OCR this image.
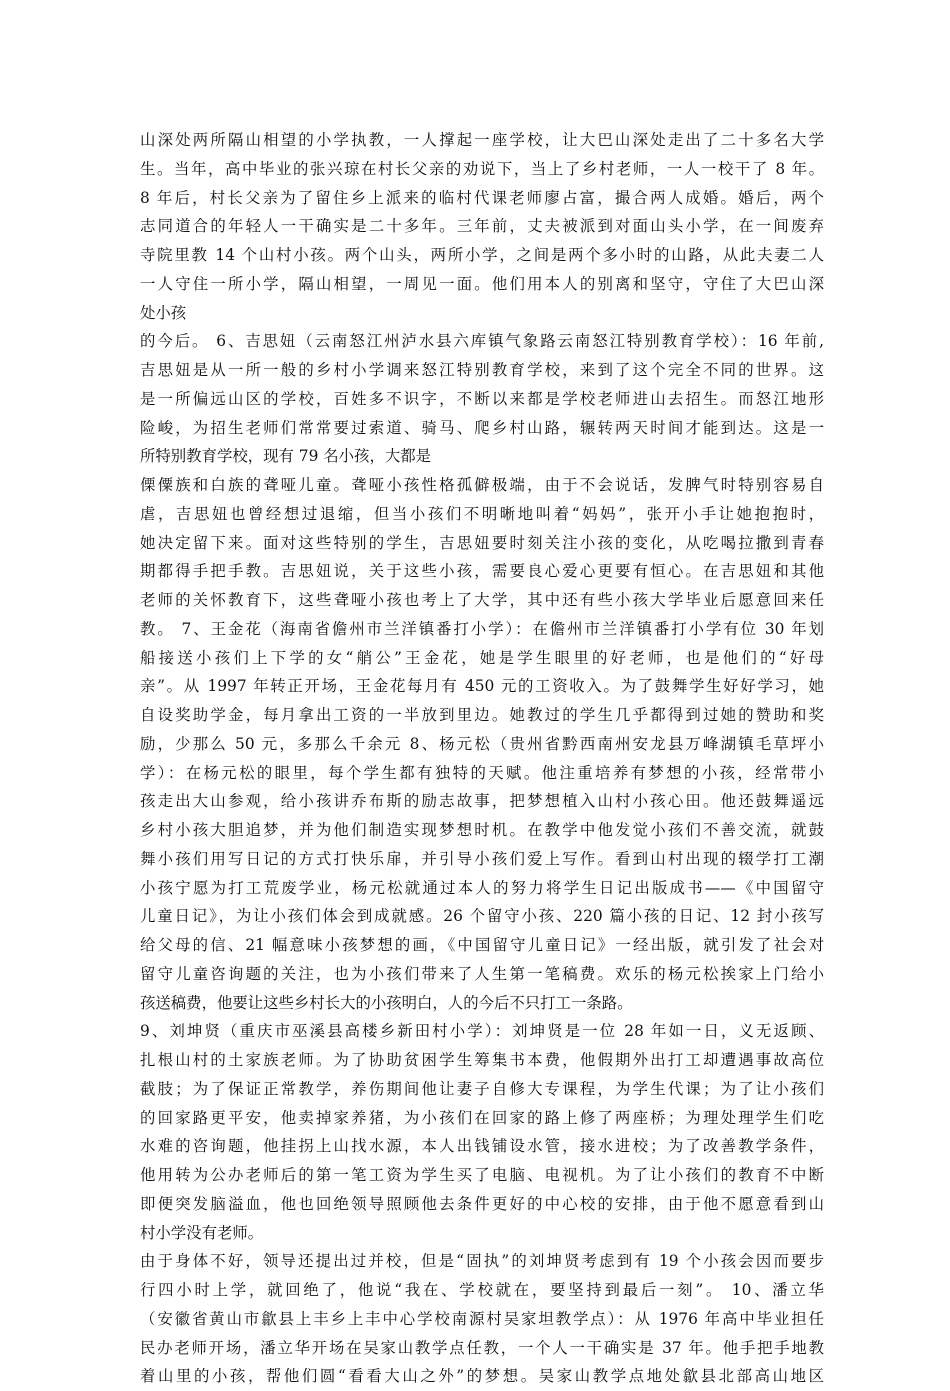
山深处两所隔山相望的小学执教，一人撑起一座学校，让大巴山深处走出了二十多名大学
生。当年，高中毕业的张兴琼在村长父亲的劝说下，当上了乡村老师，一人一校干了 8 年。
8 年后，村长父亲为了留住乡上派来的临村代课老师廖占富，撮合两人成婚。婚后，两个
志同道合的年轻人一干确实是二十多年。三年前，丈夫被派到对面山头小学，在一间废弃
寺院里教 14 个山村小孩。两个山头，两所小学，之间是两个多小时的山路，从此夫妻二人
一人守住一所小学，隔山相望，一周见一面。他们用本人的别离和坚守，守住了大巴山深
处小孩
的今后。 6、吉思妞（云南怒江州泸水县六库镇气象路云南怒江特别教育学校）：16 年前,
吉思妞是从一所一般的乡村小学调来怒江特别教育学校，来到了这个完全不同的世界。这
是一所偏远山区的学校，百姓多不识字，不断以来都是学校老师进山去招生。而怒江地形
险峻，为招生老师们常常要过索道、骑马、爬乡村山路，辗转两天时间才能到达。这是一
所特别教育学校，现有 79 名小孩，大都是
傈僳族和白族的聋哑儿童。聋哑小孩性格孤僻极端，由于不会说话，发脾气时特别容易自
虐，吉思妞也曾经想过退缩，但当小孩们不明晰地叫着“妈妈”，张开小手让她抱抱时，
她决定留下来。面对这些特别的学生，吉思妞要时刻关注小孩的变化，从吃喝拉撒到青春
期都得手把手教。吉思妞说，关于这些小孩，需要良心爱心更要有恒心。在吉思妞和其他
老师的关怀教育下，这些聋哑小孩也考上了大学，其中还有些小孩大学毕业后愿意回来任
教。 7、王金花（海南省儋州市兰洋镇番打小学）：在儋州市兰洋镇番打小学有位 30 年划
船接送小孩们上下学的女“艄公”王金花，她是学生眼里的好老师，也是他们的“好母
亲”。从 1997 年转正开场，王金花每月有 450 元的工资收入。为了鼓舞学生好好学习，她
自设奖助学金，每月拿出工资的一半放到里边。她教过的学生几乎都得到过她的赞助和奖
励，少那么 50 元，多那么千余元 8、杨元松（贵州省黔西南州安龙县万峰湖镇毛草坪小
学）：在杨元松的眼里，每个学生都有独特的天赋。他注重培养有梦想的小孩，经常带小
孩走出大山参观，给小孩讲乔布斯的励志故事，把梦想植入山村小孩心田。他还鼓舞遥远
乡村小孩大胆追梦，并为他们制造实现梦想时机。在教学中他发觉小孩们不善交流，就鼓
舞小孩们用写日记的方式打快乐扉，并引导小孩们爱上写作。看到山村出现的辍学打工潮
小孩宁愿为打工荒废学业，杨元松就通过本人的努力将学生日记出版成书——《中国留守
儿童日记》，为让小孩们体会到成就感。26 个留守小孩、220 篇小孩的日记、12 封小孩写
给父母的信、21 幅意味小孩梦想的画，《中国留守儿童日记》一经出版，就引发了社会对
留守儿童咨询题的关注，也为小孩们带来了人生第一笔稿费。欢乐的杨元松挨家上门给小
孩送稿费，他要让这些乡村长大的小孩明白，人的今后不只打工一条路。
9、刘坤贤（重庆市巫溪县高楼乡新田村小学）：刘坤贤是一位 28 年如一日，义无返顾、
扎根山村的土家族老师。为了协助贫困学生筹集书本费，他假期外出打工却遭遇事故高位
截肢；为了保证正常教学，养伤期间他让妻子自修大专课程，为学生代课；为了让小孩们
的回家路更平安，他卖掉家养猪，为小孩们在回家的路上修了两座桥；为理处理学生们吃
水难的咨询题，他挂拐上山找水源，本人出钱铺设水管，接水进校；为了改善教学条件，
他用转为公办老师后的第一笔工资为学生买了电脑、电视机。为了让小孩们的教育不中断
即便突发脑溢血，他也回绝领导照顾他去条件更好的中心校的安排，由于他不愿意看到山
村小学没有老师。
由于身体不好，领导还提出过并校，但是“固执”的刘坤贤考虑到有 19 个小孩会因而要步
行四小时上学，就回绝了，他说“我在、学校就在，要坚持到最后一刻”。 10、潘立华
（安徽省黄山市歙县上丰乡上丰中心学校南源村吴家坦教学点）：从 1976 年高中毕业担任
民办老师开场，潘立华开场在吴家山教学点任教，一个人一干确实是 37 年。他手把手地教
着山里的小孩，帮他们圆“看看大山之外”的梦想。吴家山教学点地处歙县北部高山地区
